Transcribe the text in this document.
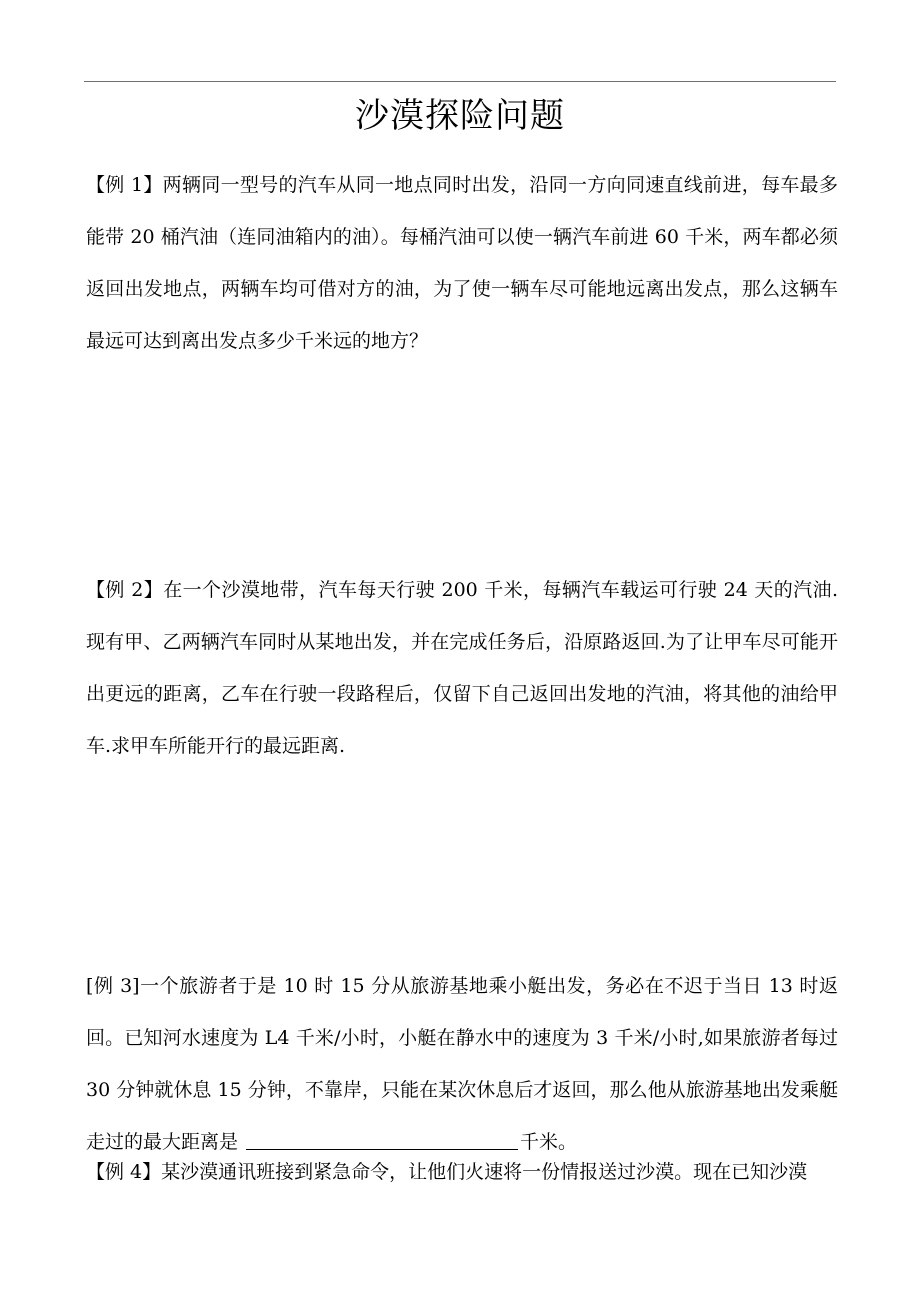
沙漠探险问题

【例 1】两辆同一型号的汽车从同一地点同时出发，沿同一方向同速直线前进，每车最多能带 20 桶汽油（连同油箱内的油）。每桶汽油可以使一辆汽车前进 60 千米，两车都必须返回出发地点，两辆车均可借对方的油，为了使一辆车尽可能地远离出发点，那么这辆车最远可达到离出发点多少千米远的地方？

【例 2】在一个沙漠地带，汽车每天行驶 200 千米，每辆汽车载运可行驶 24 天的汽油.现有甲、乙两辆汽车同时从某地出发，并在完成任务后，沿原路返回.为了让甲车尽可能开出更远的距离，乙车在行驶一段路程后，仅留下自己返回出发地的汽油，将其他的油给甲车.求甲车所能开行的最远距离.

[例 3]一个旅游者于是 10 时 15 分从旅游基地乘小艇出发，务必在不迟于当日 13 时返回。已知河水速度为 L4 千米/小时，小艇在静水中的速度为 3 千米/小时,如果旅游者每过 30 分钟就休息 15 分钟，不靠岸，只能在某次休息后才返回，那么他从旅游基地出发乘艇走过的最大距离是	千米。

【例 4】某沙漠通讯班接到紧急命令，让他们火速将一份情报送过沙漠。现在已知沙漠
